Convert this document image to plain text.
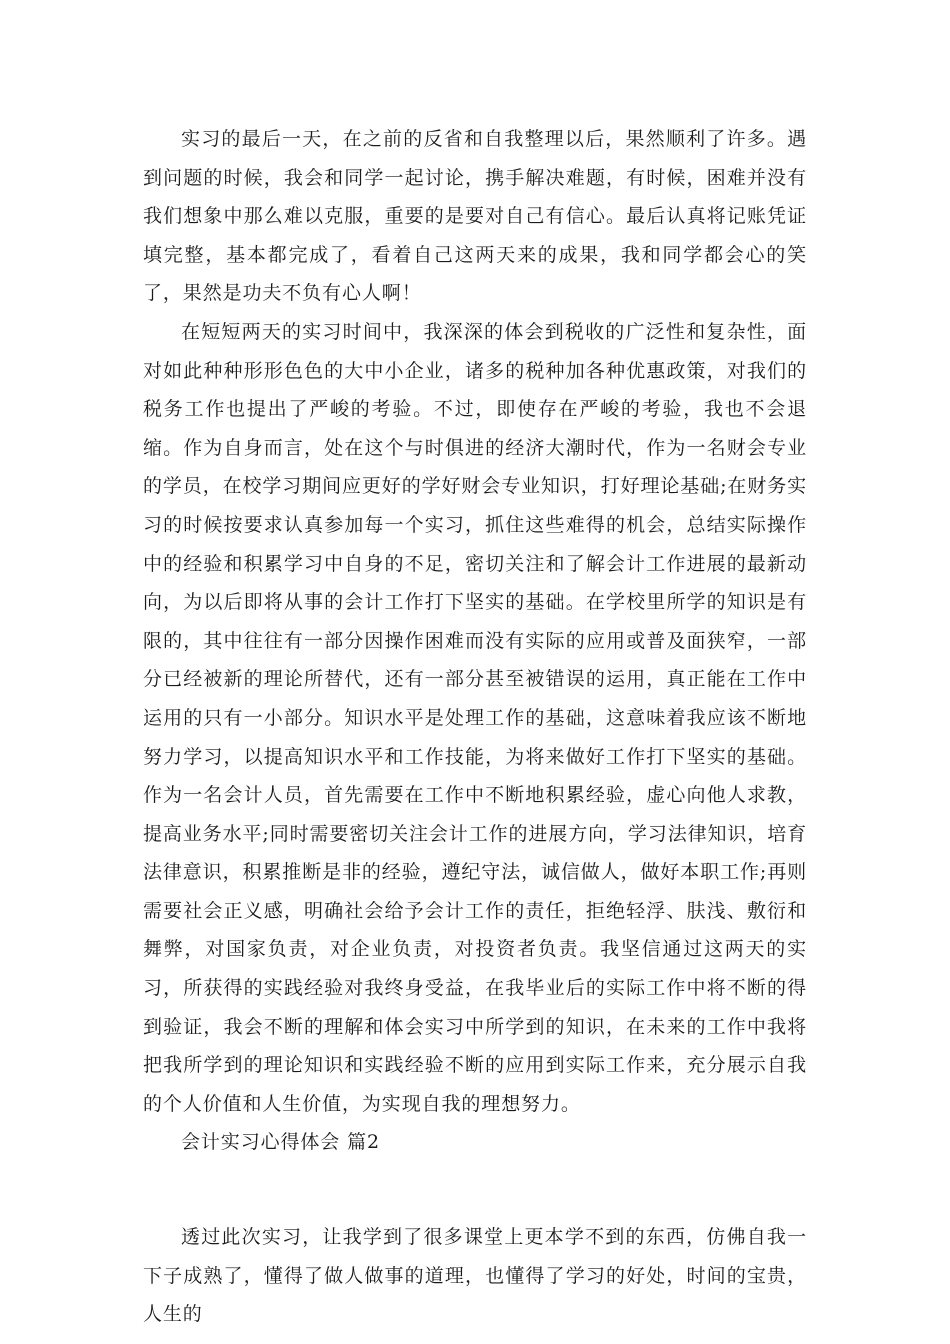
实习的最后一天，在之前的反省和自我整理以后，果然顺利了许多。遇到问题的时候，我会和同学一起讨论，携手解决难题，有时候，困难并没有我们想象中那么难以克服，重要的是要对自己有信心。最后认真将记账凭证填完整，基本都完成了，看着自己这两天来的成果，我和同学都会心的笑了，果然是功夫不负有心人啊！

在短短两天的实习时间中，我深深的体会到税收的广泛性和复杂性，面对如此种种形形色色的大中小企业，诸多的税种加各种优惠政策，对我们的税务工作也提出了严峻的考验。不过，即使存在严峻的考验，我也不会退缩。作为自身而言，处在这个与时俱进的经济大潮时代，作为一名财会专业的学员，在校学习期间应更好的学好财会专业知识，打好理论基础;在财务实习的时候按要求认真参加每一个实习，抓住这些难得的机会，总结实际操作中的经验和积累学习中自身的不足，密切关注和了解会计工作进展的最新动向，为以后即将从事的会计工作打下坚实的基础。在学校里所学的知识是有限的，其中往往有一部分因操作困难而没有实际的应用或普及面狭窄，一部分已经被新的理论所替代，还有一部分甚至被错误的运用，真正能在工作中运用的只有一小部分。知识水平是处理工作的基础，这意味着我应该不断地努力学习，以提高知识水平和工作技能，为将来做好工作打下坚实的基础。作为一名会计人员，首先需要在工作中不断地积累经验，虚心向他人求教，提高业务水平;同时需要密切关注会计工作的进展方向，学习法律知识，培育法律意识，积累推断是非的经验，遵纪守法，诚信做人，做好本职工作;再则需要社会正义感，明确社会给予会计工作的责任，拒绝轻浮、肤浅、敷衍和舞弊，对国家负责，对企业负责，对投资者负责。我坚信通过这两天的实习，所获得的实践经验对我终身受益，在我毕业后的实际工作中将不断的得到验证，我会不断的理解和体会实习中所学到的知识，在未来的工作中我将把我所学到的理论知识和实践经验不断的应用到实际工作来，充分展示自我的个人价值和人生价值，为实现自我的理想努力。

会计实习心得体会 篇2

透过此次实习，让我学到了很多课堂上更本学不到的东西，仿佛自我一下子成熟了，懂得了做人做事的道理，也懂得了学习的好处，时间的宝贵，人生的
